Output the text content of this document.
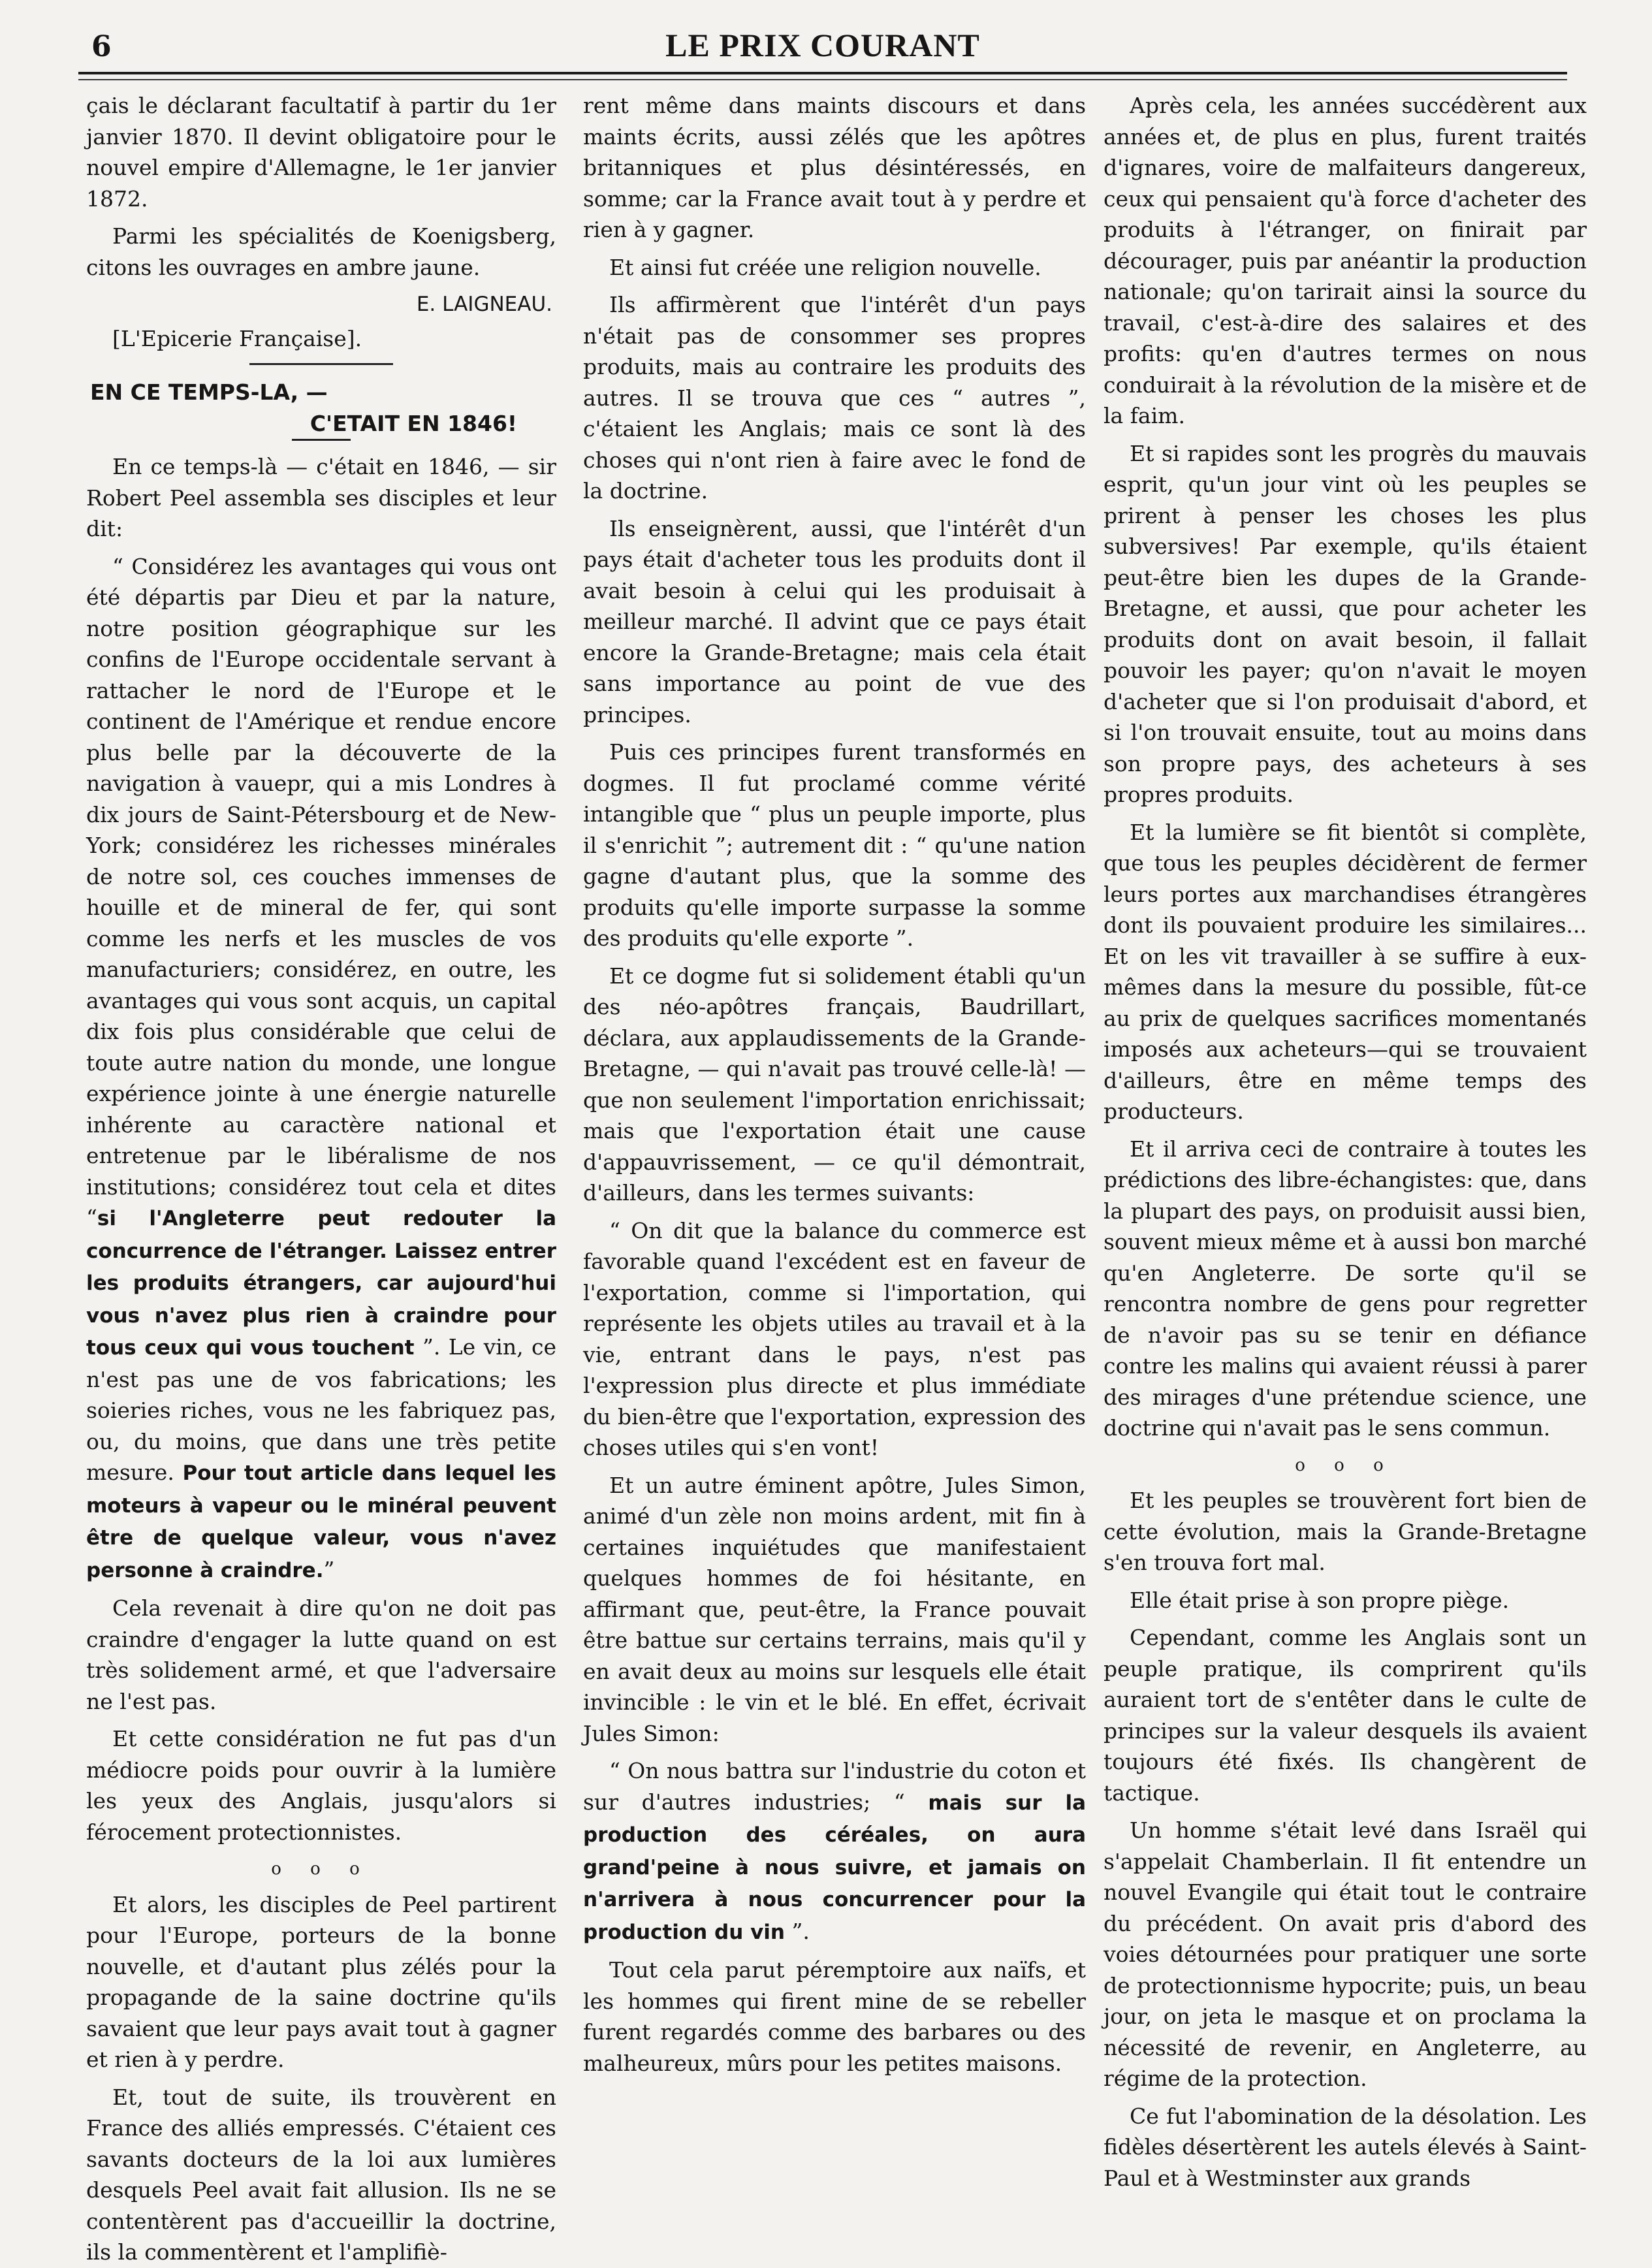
6	LE PRIX COURANT

çais le déclarant facultatif à partir du 1er janvier 1870. Il devint obligatoire pour le nouvel empire d'Allemagne, le 1er janvier 1872.

Parmi les spécialités de Koenigsberg, citons les ouvrages en ambre jaune.

E. LAIGNEAU.
[L'Epicerie Française].
EN CE TEMPS-LA, —
C'ETAIT EN 1846!

En ce temps-là — c'était en 1846, — sir Robert Peel assembla ses disciples et leur dit:

“ Considérez les avantages qui vous ont été départis par Dieu et par la nature, notre position géographique sur les confins de l'Europe occidentale servant à rattacher le nord de l'Europe et le continent de l'Amérique et rendue encore plus belle par la découverte de la navigation à vauepr, qui a mis Londres à dix jours de Saint-Pétersbourg et de New-York; considérez les richesses minérales de notre sol, ces couches immenses de houille et de mineral de fer, qui sont comme les nerfs et les muscles de vos manufacturiers; considérez, en outre, les avantages qui vous sont acquis, un capital dix fois plus considérable que celui de toute autre nation du monde, une longue expérience jointe à une énergie naturelle inhérente au caractère national et entretenue par le libéralisme de nos institutions; considérez tout cela et dites “si l'Angleterre peut redouter la concurrence de l'étranger. Laissez entrer les produits étrangers, car aujourd'hui vous n'avez plus rien à craindre pour tous ceux qui vous touchent ”. Le vin, ce n'est pas une de vos fabrications; les soieries riches, vous ne les fabriquez pas, ou, du moins, que dans une très petite mesure. Pour tout article dans lequel les moteurs à vapeur ou le minéral peuvent être de quelque valeur, vous n'avez personne à craindre.”

Cela revenait à dire qu'on ne doit pas craindre d'engager la lutte quand on est très solidement armé, et que l'adversaire ne l'est pas.

Et cette considération ne fut pas d'un médiocre poids pour ouvrir à la lumière les yeux des Anglais, jusqu'alors si férocement protectionnistes.

o o o

Et alors, les disciples de Peel partirent pour l'Europe, porteurs de la bonne nouvelle, et d'autant plus zélés pour la propagande de la saine doctrine qu'ils savaient que leur pays avait tout à gagner et rien à y perdre.

Et, tout de suite, ils trouvèrent en France des alliés empressés. C'étaient ces savants docteurs de la loi aux lumières desquels Peel avait fait allusion. Ils ne se contentèrent pas d'accueillir la doctrine, ils la commentèrent et l'amplifiè-

rent même dans maints discours et dans maints écrits, aussi zélés que les apôtres britanniques et plus désintéressés, en somme; car la France avait tout à y perdre et rien à y gagner.

Et ainsi fut créée une religion nouvelle.

Ils affirmèrent que l'intérêt d'un pays n'était pas de consommer ses propres produits, mais au contraire les produits des autres. Il se trouva que ces “ autres ”, c'étaient les Anglais; mais ce sont là des choses qui n'ont rien à faire avec le fond de la doctrine.

Ils enseignèrent, aussi, que l'intérêt d'un pays était d'acheter tous les produits dont il avait besoin à celui qui les produisait à meilleur marché. Il advint que ce pays était encore la Grande-Bretagne; mais cela était sans importance au point de vue des principes.

Puis ces principes furent transformés en dogmes. Il fut proclamé comme vérité intangible que “ plus un peuple importe, plus il s'enrichit ”; autrement dit : “ qu'une nation gagne d'autant plus, que la somme des produits qu'elle importe surpasse la somme des produits qu'elle exporte ”.

Et ce dogme fut si solidement établi qu'un des néo-apôtres français, Baudrillart, déclara, aux applaudissements de la Grande-Bretagne, — qui n'avait pas trouvé celle-là! — que non seulement l'importation enrichissait; mais que l'exportation était une cause d'appauvrissement, — ce qu'il démontrait, d'ailleurs, dans les termes suivants:

“ On dit que la balance du commerce est favorable quand l'excédent est en faveur de l'exportation, comme si l'importation, qui représente les objets utiles au travail et à la vie, entrant dans le pays, n'est pas l'expression plus directe et plus immédiate du bien-être que l'exportation, expression des choses utiles qui s'en vont!

Et un autre éminent apôtre, Jules Simon, animé d'un zèle non moins ardent, mit fin à certaines inquiétudes que manifestaient quelques hommes de foi hésitante, en affirmant que, peut-être, la France pouvait être battue sur certains terrains, mais qu'il y en avait deux au moins sur lesquels elle était invincible : le vin et le blé. En effet, écrivait Jules Simon:

“ On nous battra sur l'industrie du coton et sur d'autres industries; “ mais sur la production des céréales, on aura grand'peine à nous suivre, et jamais on n'arrivera à nous concurrencer pour la production du vin ”.

Tout cela parut péremptoire aux naïfs, et les hommes qui firent mine de se rebeller furent regardés comme des barbares ou des malheureux, mûrs pour les petites maisons.

Après cela, les années succédèrent aux années et, de plus en plus, furent traités d'ignares, voire de malfaiteurs dangereux, ceux qui pensaient qu'à force d'acheter des produits à l'étranger, on finirait par décourager, puis par anéantir la production nationale; qu'on tarirait ainsi la source du travail, c'est-à-dire des salaires et des profits: qu'en d'autres termes on nous conduirait à la révolution de la misère et de la faim.

Et si rapides sont les progrès du mauvais esprit, qu'un jour vint où les peuples se prirent à penser les choses les plus subversives! Par exemple, qu'ils étaient peut-être bien les dupes de la Grande-Bretagne, et aussi, que pour acheter les produits dont on avait besoin, il fallait pouvoir les payer; qu'on n'avait le moyen d'acheter que si l'on produisait d'abord, et si l'on trouvait ensuite, tout au moins dans son propre pays, des acheteurs à ses propres produits.

Et la lumière se fit bientôt si complète, que tous les peuples décidèrent de fermer leurs portes aux marchandises étrangères dont ils pouvaient produire les similaires... Et on les vit travailler à se suffire à eux-mêmes dans la mesure du possible, fût-ce au prix de quelques sacrifices momentanés imposés aux acheteurs—qui se trouvaient d'ailleurs, être en même temps des producteurs.

Et il arriva ceci de contraire à toutes les prédictions des libre-échangistes: que, dans la plupart des pays, on produisit aussi bien, souvent mieux même et à aussi bon marché qu'en Angleterre. De sorte qu'il se rencontra nombre de gens pour regretter de n'avoir pas su se tenir en défiance contre les malins qui avaient réussi à parer des mirages d'une prétendue science, une doctrine qui n'avait pas le sens commun.

o o o

Et les peuples se trouvèrent fort bien de cette évolution, mais la Grande-Bretagne s'en trouva fort mal.

Elle était prise à son propre piège.

Cependant, comme les Anglais sont un peuple pratique, ils comprirent qu'ils auraient tort de s'entêter dans le culte de principes sur la valeur desquels ils avaient toujours été fixés. Ils changèrent de tactique.

Un homme s'était levé dans Israël qui s'appelait Chamberlain. Il fit entendre un nouvel Evangile qui était tout le contraire du précédent. On avait pris d'abord des voies détournées pour pratiquer une sorte de protectionnisme hypocrite; puis, un beau jour, on jeta le masque et on proclama la nécessité de revenir, en Angleterre, au régime de la protection.

Ce fut l'abomination de la désolation. Les fidèles désertèrent les autels élevés à Saint-Paul et à Westminster aux grands
